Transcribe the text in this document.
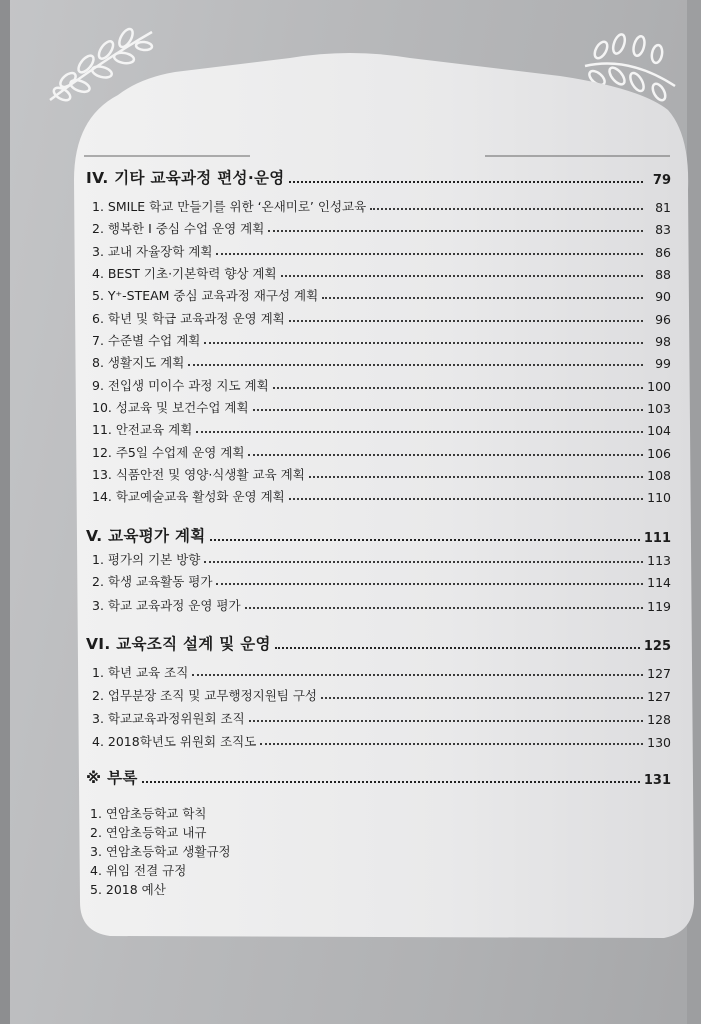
IV. 기타 교육과정 편성·운영	79
1. SMILE 학교 만들기를 위한 ‘온새미로’ 인성교육	81
2. 행복한 I 중심 수업 운영 계획	83
3. 교내 자율장학 계획	86
4. BEST 기초·기본학력 향상 계획	88
5. Y⁺-STEAM 중심 교육과정 재구성 계획	90
6. 학년 및 학급 교육과정 운영 계획	96
7. 수준별 수업 계획	98
8. 생활지도 계획	99
9. 전입생 미이수 과정 지도 계획	100
10. 성교육 및 보건수업 계획	103
11. 안전교육 계획	104
12. 주5일 수업제 운영 계획	106
13. 식품안전 및 영양·식생활 교육 계획	108
14. 학교예술교육 활성화 운영 계획	110
V. 교육평가 계획	111
1. 평가의 기본 방향	113
2. 학생 교육활동 평가	114
3. 학교 교육과정 운영 평가	119
VI. 교육조직 설계 및 운영	125
1. 학년 교육 조직	127
2. 업무분장 조직 및 교무행정지원팀 구성	127
3. 학교교육과정위원회 조직	128
4. 2018학년도 위원회 조직도	130
※ 부록	131
1. 연암초등학교 학칙
2. 연암초등학교 내규
3. 연암초등학교 생활규정
4. 위임 전결 규정
5. 2018 예산
